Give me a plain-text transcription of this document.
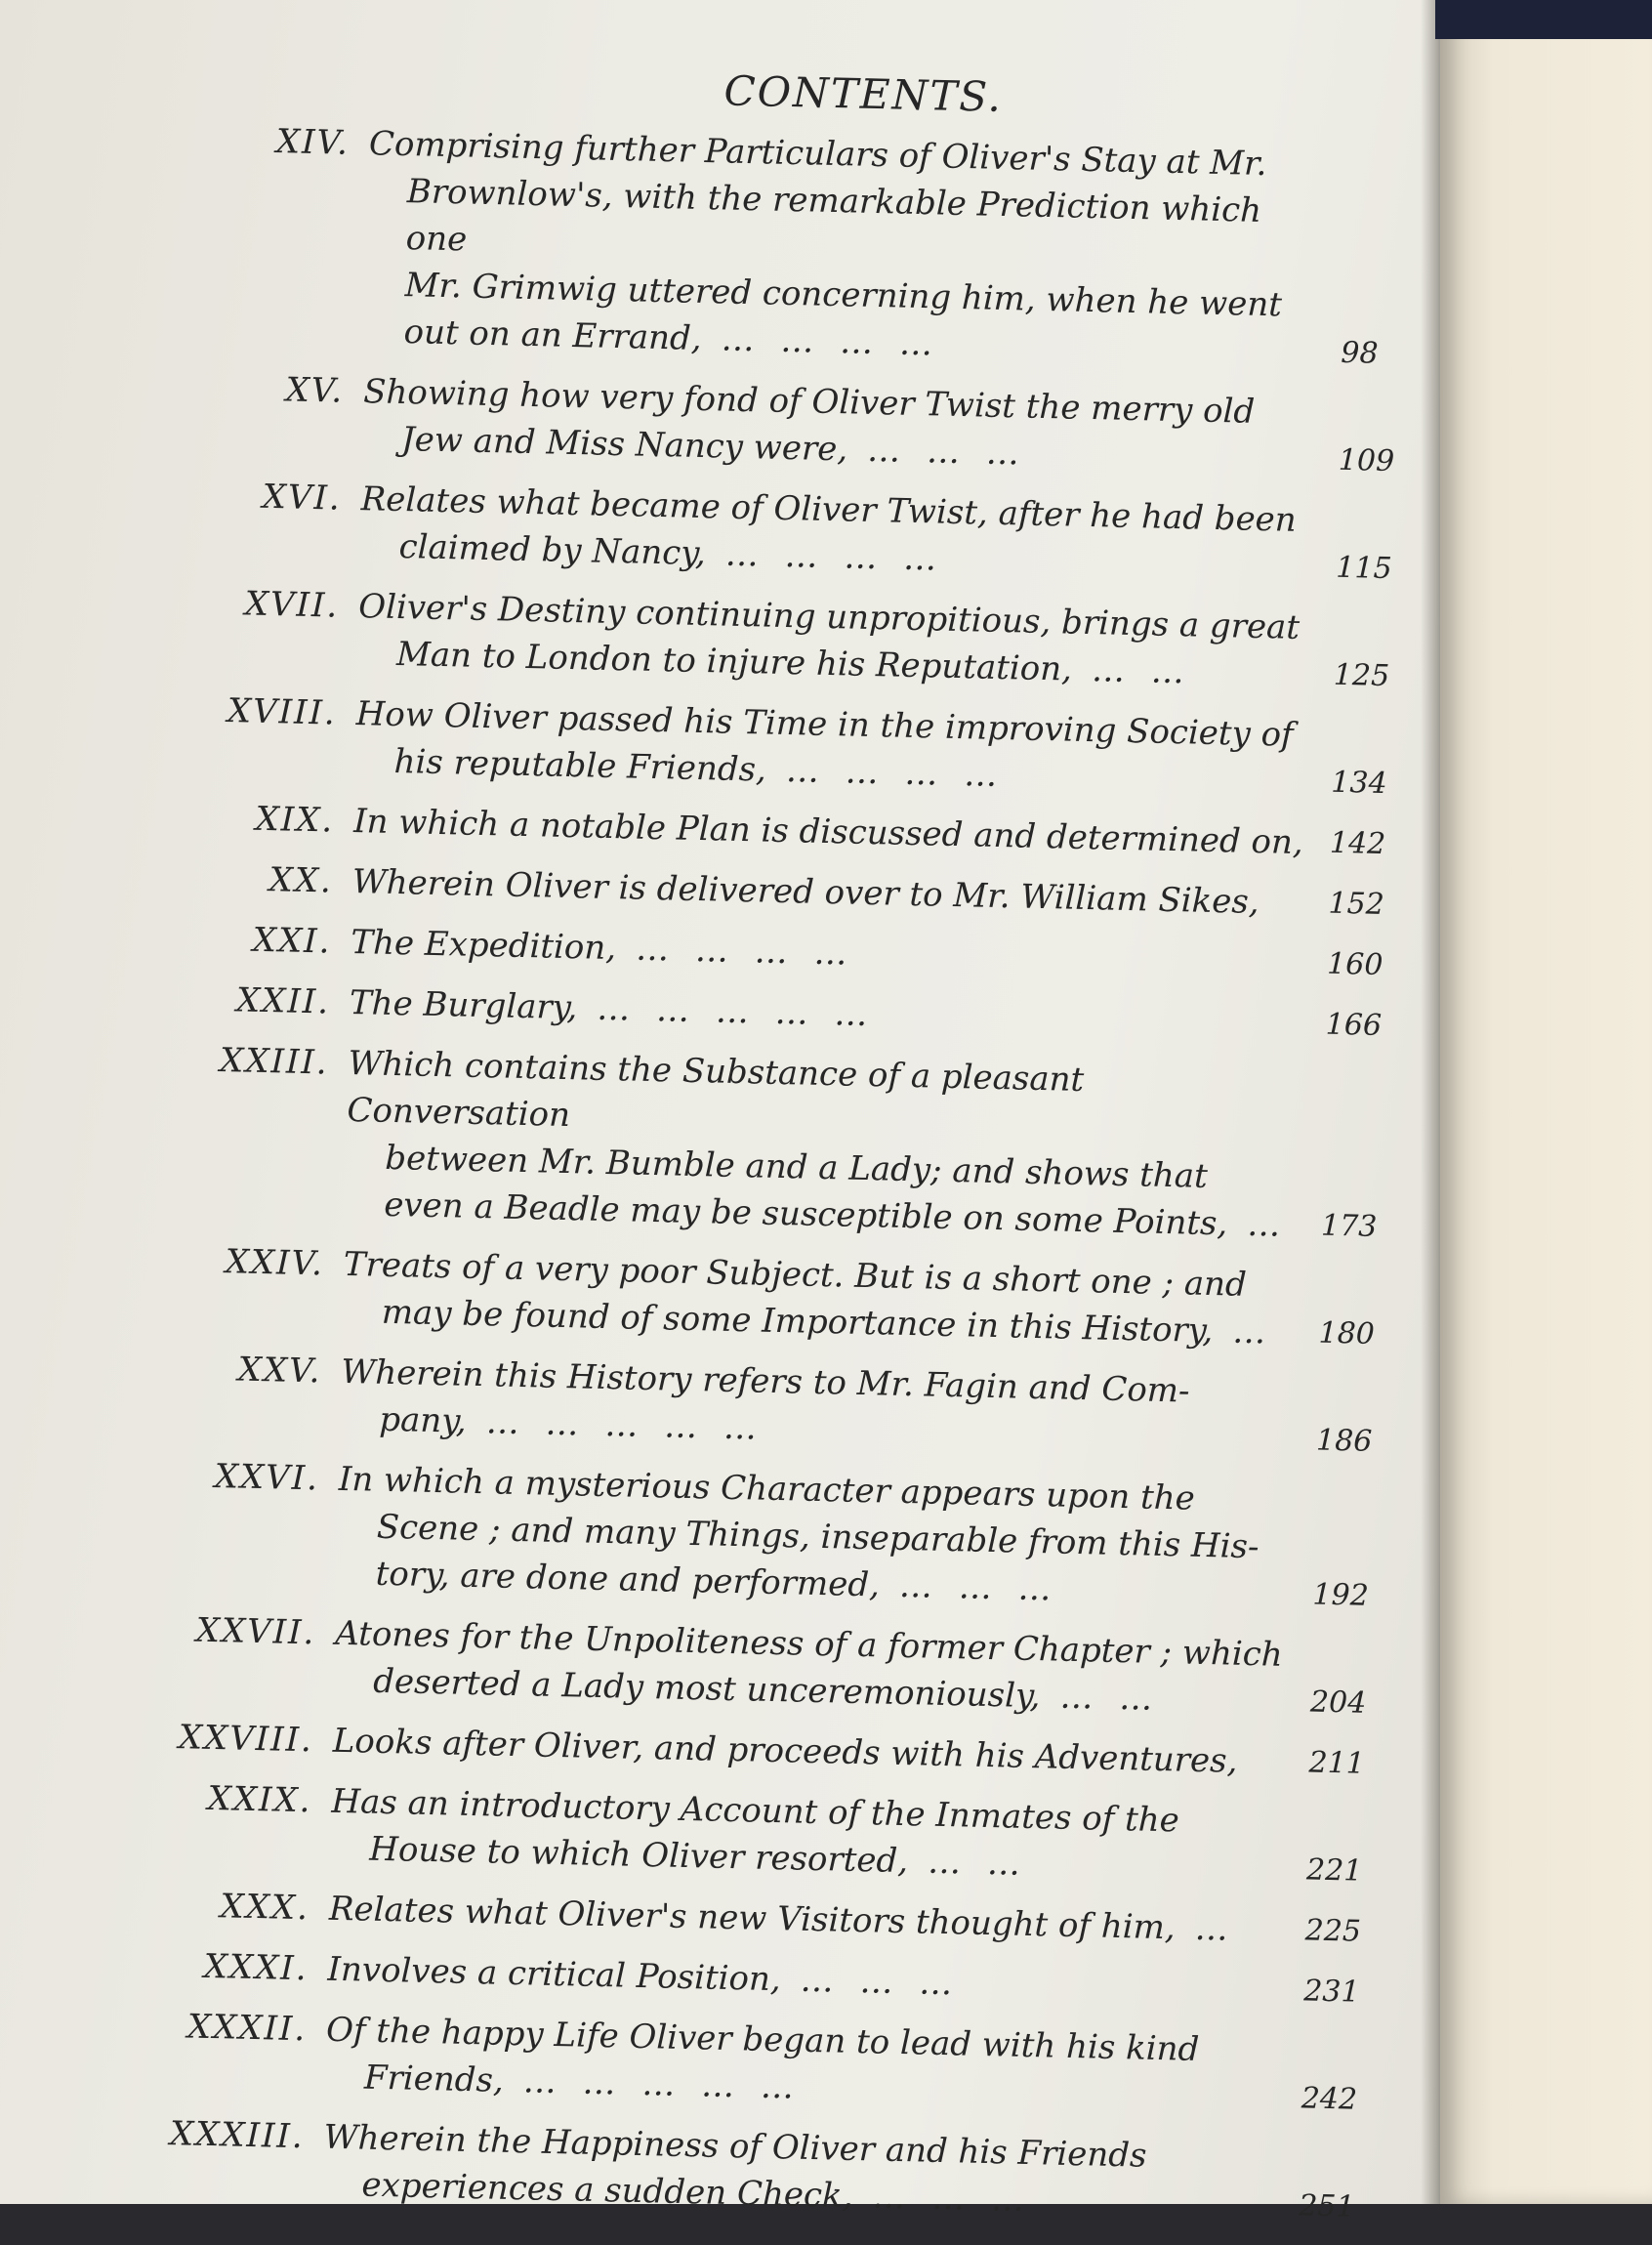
CONTENTS.
XIV. Comprising further Particulars of Oliver's Stay at Mr.
Brownlow's, with the remarkable Prediction which one
Mr. Grimwig uttered concerning him, when he went
out on an Errand, … … … …	98
XV. Showing how very fond of Oliver Twist the merry old
Jew and Miss Nancy were, … … …	109
XVI. Relates what became of Oliver Twist, after he had been
claimed by Nancy, … … … …	115
XVII. Oliver's Destiny continuing unpropitious, brings a great
Man to London to injure his Reputation, … …	125
XVIII. How Oliver passed his Time in the improving Society of
his reputable Friends, … … … …	134
XIX. In which a notable Plan is discussed and determined on, 142
XX. Wherein Oliver is delivered over to Mr. William Sikes,	152
XXI. The Expedition, … … … …	160
XXII. The Burglary, … … … … …	166
XXIII. Which contains the Substance of a pleasant Conversation
between Mr. Bumble and a Lady; and shows that
even a Beadle may be susceptible on some Points, …	173
XXIV. Treats of a very poor Subject. But is a short one ; and
may be found of some Importance in this History, …	180
XXV. Wherein this History refers to Mr. Fagin and Com-
pany, … … … … …	186
XXVI. In which a mysterious Character appears upon the
Scene ; and many Things, inseparable from this His-
tory, are done and performed, … … …	192
XXVII. Atones for the Unpoliteness of a former Chapter ; which
deserted a Lady most unceremoniously, … …	204
XXVIII. Looks after Oliver, and proceeds with his Adventures,	211
XXIX. Has an introductory Account of the Inmates of the
House to which Oliver resorted, … …	221
XXX. Relates what Oliver's new Visitors thought of him, …	225
XXXI. Involves a critical Position, … … …	231
XXXII. Of the happy Life Oliver began to lead with his kind
Friends, … … … … …	242
XXXIII. Wherein the Happiness of Oliver and his Friends
experiences a sudden Check, … … …	251
